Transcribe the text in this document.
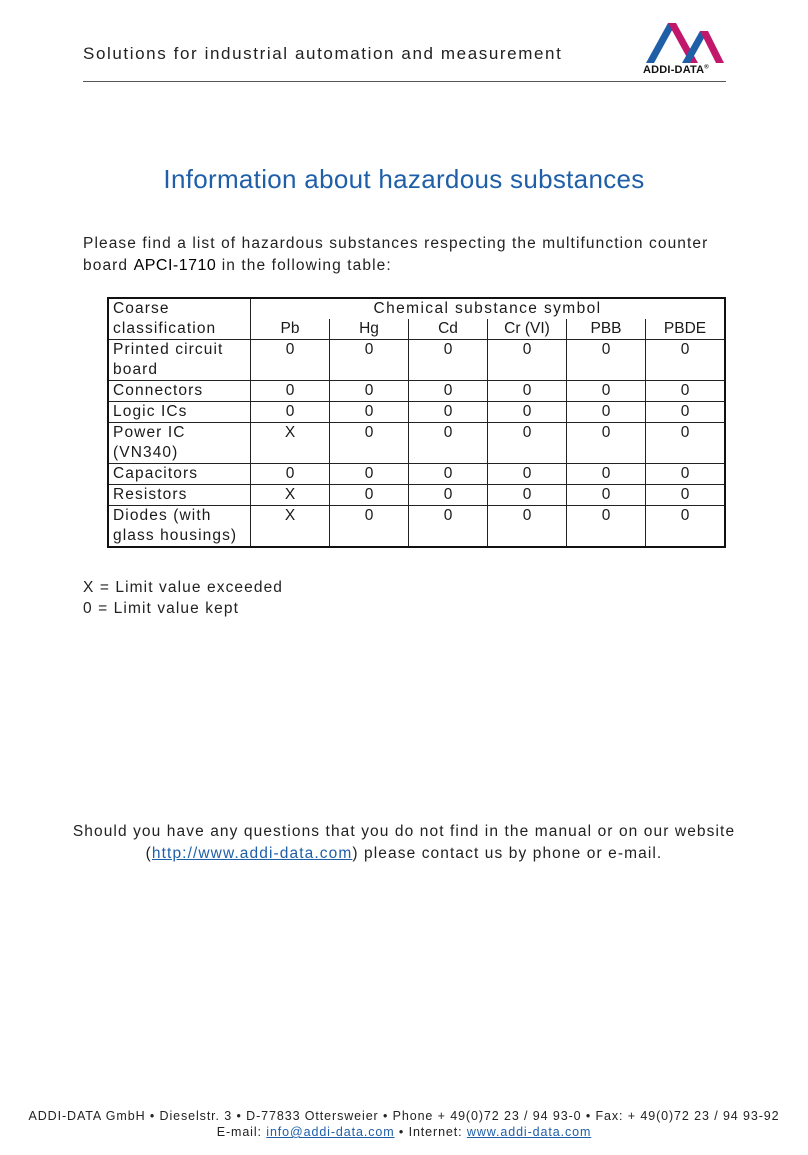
Solutions for industrial automation and measurement
ADDI-DATA®
Information about hazardous substances
Please find a list of hazardous substances respecting the multifunction counter board APCI-1710 in the following table:
Coarse classification	Chemical substance symbol					
	Pb	Hg	Cd	Cr (VI)	PBB	PBDE
Printed circuit board	0	0	0	0	0	0
Connectors	0	0	0	0	0	0
Logic ICs	0	0	0	0	0	0
Power IC (VN340)	X	0	0	0	0	0
Capacitors	0	0	0	0	0	0
Resistors	X	0	0	0	0	0
Diodes (with glass housings)	X	0	0	0	0	0
X = Limit value exceeded
0 = Limit value kept
Should you have any questions that you do not find in the manual or on our website
(http://www.addi-data.com) please contact us by phone or e-mail.
ADDI-DATA GmbH • Dieselstr. 3 • D-77833 Ottersweier • Phone + 49(0)72 23 / 94 93-0 • Fax: + 49(0)72 23 / 94 93-92
E-mail: info@addi-data.com • Internet: www.addi-data.com
